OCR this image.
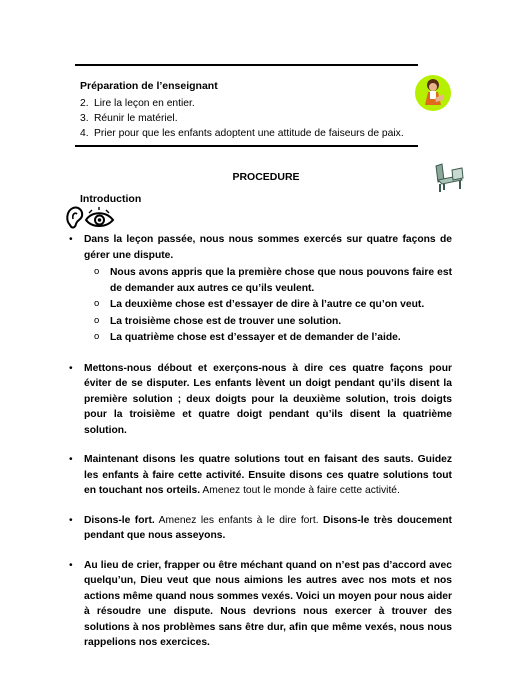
Préparation de l’enseignant
2. Lire la leçon en entier.
3. Réunir le matériel.
4. Prier pour que les enfants adoptent une attitude de faiseurs de paix.
PROCEDURE
Introduction
• Dans la leçon passée, nous nous sommes exercés sur quatre façons de gérer une dispute.
o Nous avons appris que la première chose que nous pouvons faire est de demander aux autres ce qu’ils veulent.
o La deuxième chose est d’essayer de dire à l’autre ce qu’on veut.
o La troisième chose est de trouver une solution.
o La quatrième chose est d’essayer et de demander de l’aide.
• Mettons-nous débout et exerçons-nous à dire ces quatre façons pour éviter de se disputer. Les enfants lèvent un doigt pendant qu’ils disent la première solution ; deux doigts pour la deuxième solution, trois doigts pour la troisième et quatre doigt pendant qu’ils disent la quatrième solution.
• Maintenant disons les quatre solutions tout en faisant des sauts. Guidez les enfants à faire cette activité. Ensuite disons ces quatre solutions tout en touchant nos orteils. Amenez tout le monde à faire cette activité.
• Disons-le fort. Amenez les enfants à le dire fort. Disons-le très doucement pendant que nous asseyons.
• Au lieu de crier, frapper ou être méchant quand on n’est pas d’accord avec quelqu’un, Dieu veut que nous aimions les autres avec nos mots et nos actions même quand nous sommes vexés. Voici un moyen pour nous aider à résoudre une dispute. Nous devrions nous exercer à trouver des solutions à nos problèmes sans être dur, afin que même vexés, nous nous rappelions nos exercices.
